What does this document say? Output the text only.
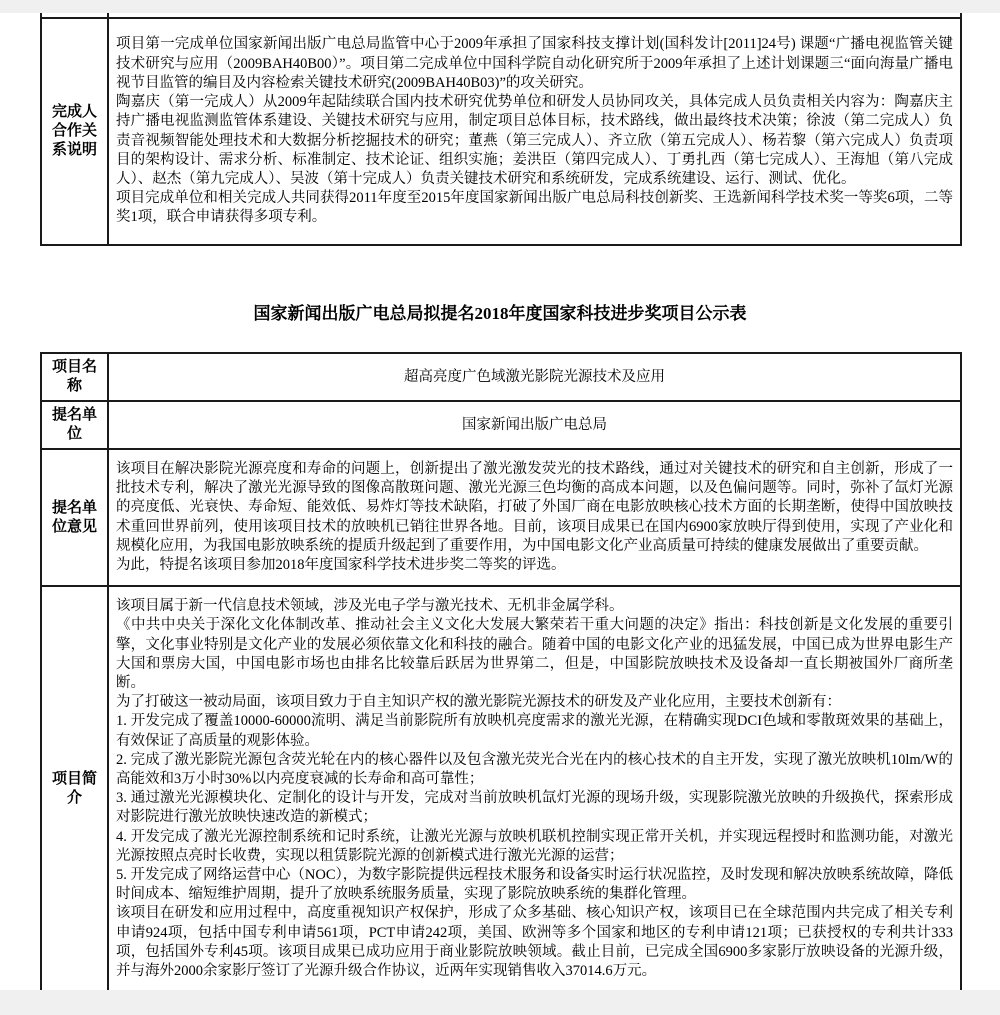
完成人合作关系说明

项目第一完成单位国家新闻出版广电总局监管中心于2009年承担了国家科技支撑计划(国科发计[2011]24号) 课题“广播电视监管关键技术研究与应用（2009BAH40B00）”。项目第二完成单位中国科学院自动化研究所于2009年承担了上述计划课题三“面向海量广播电视节目监管的编目及内容检索关键技术研究(2009BAH40B03)”的攻关研究。

陶嘉庆（第一完成人）从2009年起陆续联合国内技术研究优势单位和研发人员协同攻关，具体完成人员负责相关内容为：陶嘉庆主持广播电视监测监管体系建设、关键技术研究与应用，制定项目总体目标，技术路线，做出最终技术决策；徐波（第二完成人）负责音视频智能处理技术和大数据分析挖掘技术的研究；董燕（第三完成人）、齐立欣（第五完成人）、杨若黎（第六完成人）负责项目的架构设计、需求分析、标准制定、技术论证、组织实施；姜洪臣（第四完成人）、丁勇扎西（第七完成人）、王海旭（第八完成人）、赵杰（第九完成人）、吴波（第十完成人）负责关键技术研究和系统研发，完成系统建设、运行、测试、优化。

项目完成单位和相关完成人共同获得2011年度至2015年度国家新闻出版广电总局科技创新奖、王选新闻科学技术奖一等奖6项，二等奖1项，联合申请获得多项专利。

国家新闻出版广电总局拟提名2018年度国家科技进步奖项目公示表
项目名称
超高亮度广色域激光影院光源技术及应用
提名单位
国家新闻出版广电总局
提名单位意见

该项目在解决影院光源亮度和寿命的问题上，创新提出了激光激发荧光的技术路线，通过对关键技术的研究和自主创新，形成了一批技术专利，解决了激光光源导致的图像高散斑问题、激光光源三色均衡的高成本问题，以及色偏问题等。同时，弥补了氙灯光源的亮度低、光衰快、寿命短、能效低、易炸灯等技术缺陷，打破了外国厂商在电影放映核心技术方面的长期垄断，使得中国放映技术重回世界前列，使用该项目技术的放映机已销往世界各地。目前，该项目成果已在国内6900家放映厅得到使用，实现了产业化和规模化应用，为我国电影放映系统的提质升级起到了重要作用，为中国电影文化产业高质量可持续的健康发展做出了重要贡献。

为此，特提名该项目参加2018年度国家科学技术进步奖二等奖的评选。

项目简介

该项目属于新一代信息技术领域，涉及光电子学与激光技术、无机非金属学科。

《中共中央关于深化文化体制改革、推动社会主义文化大发展大繁荣若干重大问题的决定》指出：科技创新是文化发展的重要引擎，文化事业特别是文化产业的发展必须依靠文化和科技的融合。随着中国的电影文化产业的迅猛发展，中国已成为世界电影生产大国和票房大国，中国电影市场也由排名比较靠后跃居为世界第二，但是，中国影院放映技术及设备却一直长期被国外厂商所垄断。

为了打破这一被动局面，该项目致力于自主知识产权的激光影院光源技术的研发及产业化应用，主要技术创新有：

1. 开发完成了覆盖10000-60000流明、满足当前影院所有放映机亮度需求的激光光源，在精确实现DCI色域和零散斑效果的基础上，有效保证了高质量的观影体验。

2. 完成了激光影院光源包含荧光轮在内的核心器件以及包含激光荧光合光在内的核心技术的自主开发，实现了激光放映机10lm/W的高能效和3万小时30%以内亮度衰减的长寿命和高可靠性；

3. 通过激光光源模块化、定制化的设计与开发，完成对当前放映机氙灯光源的现场升级，实现影院激光放映的升级换代，探索形成对影院进行激光放映快速改造的新模式；

4. 开发完成了激光光源控制系统和记时系统，让激光光源与放映机联机控制实现正常开关机，并实现远程授时和监测功能，对激光光源按照点亮时长收费，实现以租赁影院光源的创新模式进行激光光源的运营；

5. 开发完成了网络运营中心（NOC），为数字影院提供远程技术服务和设备实时运行状况监控，及时发现和解决放映系统故障，降低时间成本、缩短维护周期，提升了放映系统服务质量，实现了影院放映系统的集群化管理。

该项目在研发和应用过程中，高度重视知识产权保护，形成了众多基础、核心知识产权，该项目已在全球范围内共完成了相关专利申请924项，包括中国专利申请561项，PCT申请242项，美国、欧洲等多个国家和地区的专利申请121项；已获授权的专利共计333项，包括国外专利45项。该项目成果已成功应用于商业影院放映领域。截止目前，已完成全国6900多家影厅放映设备的光源升级，并与海外2000余家影厅签订了光源升级合作协议，近两年实现销售收入37014.6万元。
